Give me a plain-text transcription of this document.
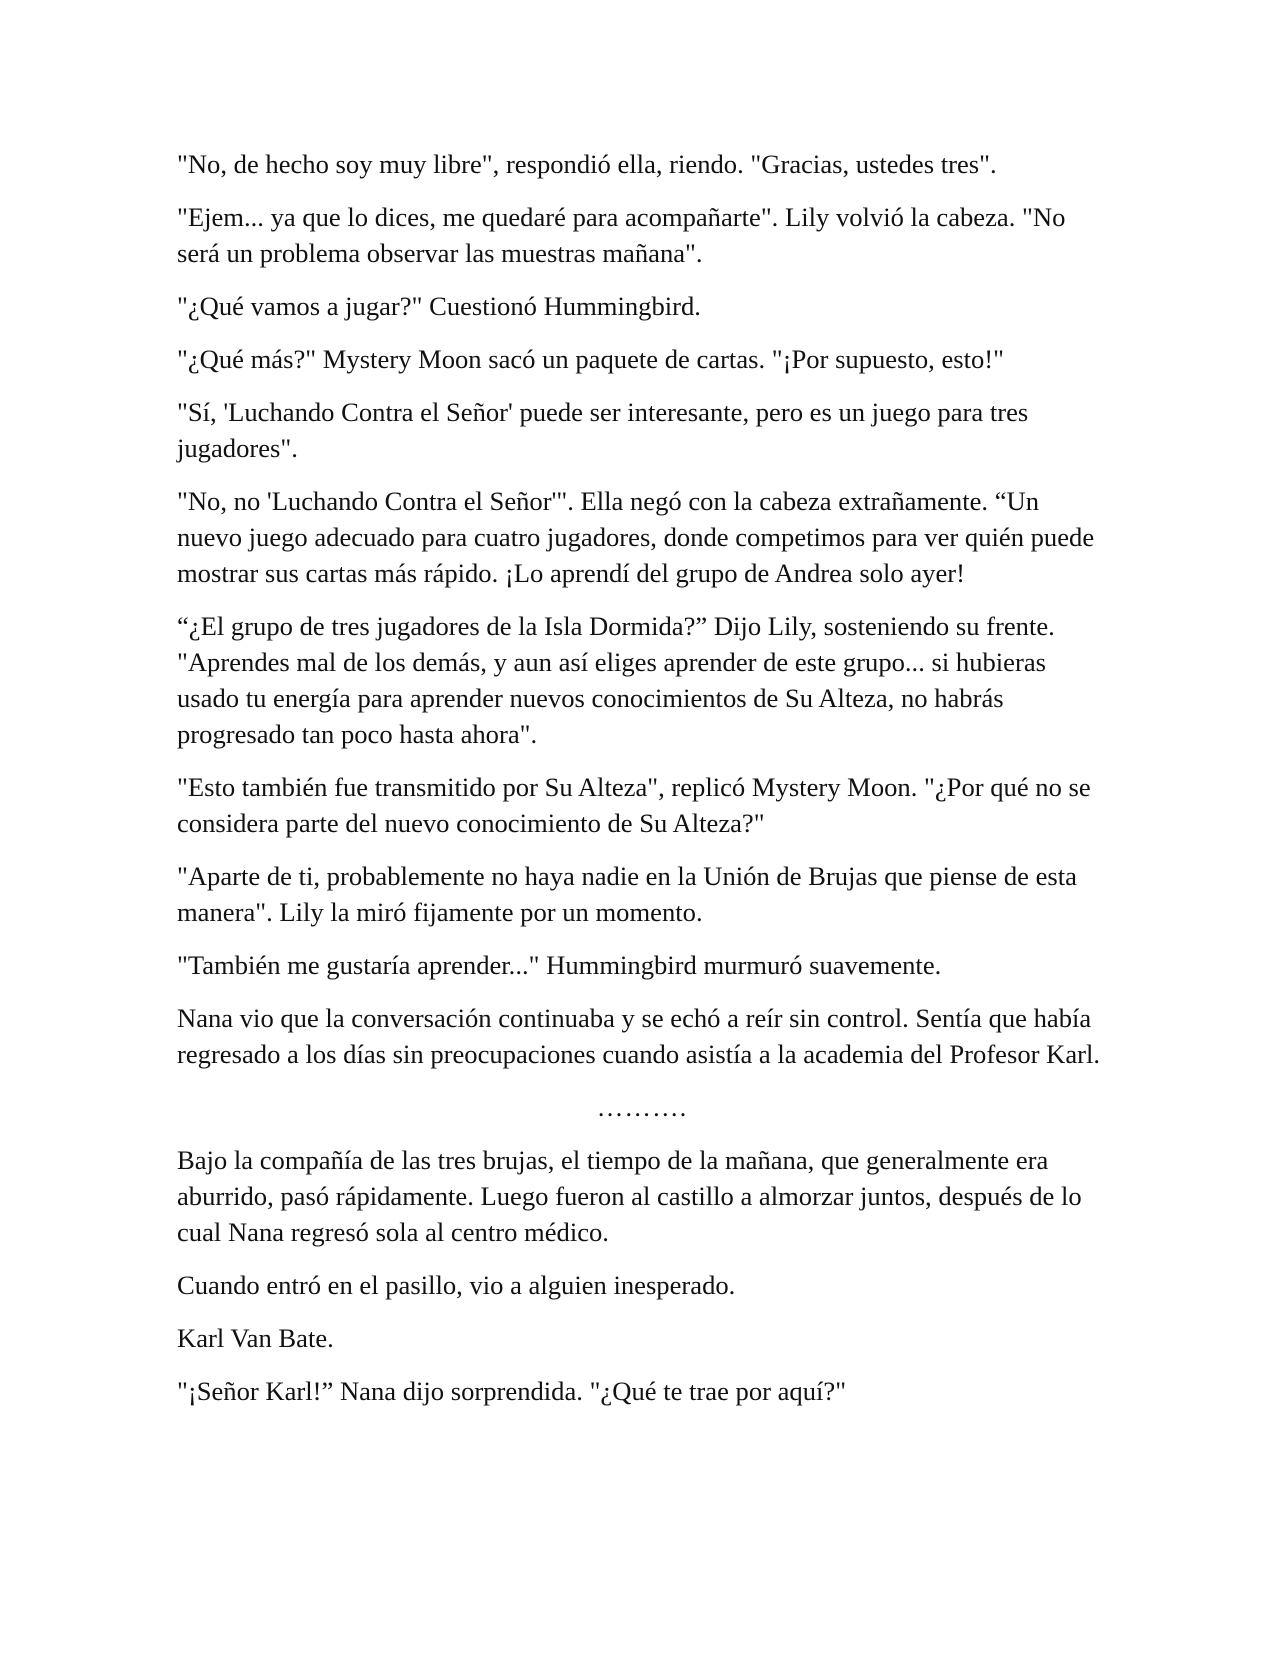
"No, de hecho soy muy libre", respondió ella, riendo. "Gracias, ustedes tres".

"Ejem... ya que lo dices, me quedaré para acompañarte". Lily volvió la cabeza. "No será un problema observar las muestras mañana".

"¿Qué vamos a jugar?" Cuestionó Hummingbird.

"¿Qué más?" Mystery Moon sacó un paquete de cartas. "¡Por supuesto, esto!"

"Sí, 'Luchando Contra el Señor' puede ser interesante, pero es un juego para tres jugadores".

"No, no 'Luchando Contra el Señor'". Ella negó con la cabeza extrañamente. “Un nuevo juego adecuado para cuatro jugadores, donde competimos para ver quién puede mostrar sus cartas más rápido. ¡Lo aprendí del grupo de Andrea solo ayer!

“¿El grupo de tres jugadores de la Isla Dormida?” Dijo Lily, sosteniendo su frente. "Aprendes mal de los demás, y aun así eliges aprender de este grupo... si hubieras usado tu energía para aprender nuevos conocimientos de Su Alteza, no habrás progresado tan poco hasta ahora".

"Esto también fue transmitido por Su Alteza", replicó Mystery Moon. "¿Por qué no se considera parte del nuevo conocimiento de Su Alteza?"

"Aparte de ti, probablemente no haya nadie en la Unión de Brujas que piense de esta manera". Lily la miró fijamente por un momento.

"También me gustaría aprender..." Hummingbird murmuró suavemente.

Nana vio que la conversación continuaba y se echó a reír sin control. Sentía que había regresado a los días sin preocupaciones cuando asistía a la academia del Profesor Karl.

……….

Bajo la compañía de las tres brujas, el tiempo de la mañana, que generalmente era aburrido, pasó rápidamente. Luego fueron al castillo a almorzar juntos, después de lo cual Nana regresó sola al centro médico.

Cuando entró en el pasillo, vio a alguien inesperado.

Karl Van Bate.

"¡Señor Karl!” Nana dijo sorprendida. "¿Qué te trae por aquí?"
